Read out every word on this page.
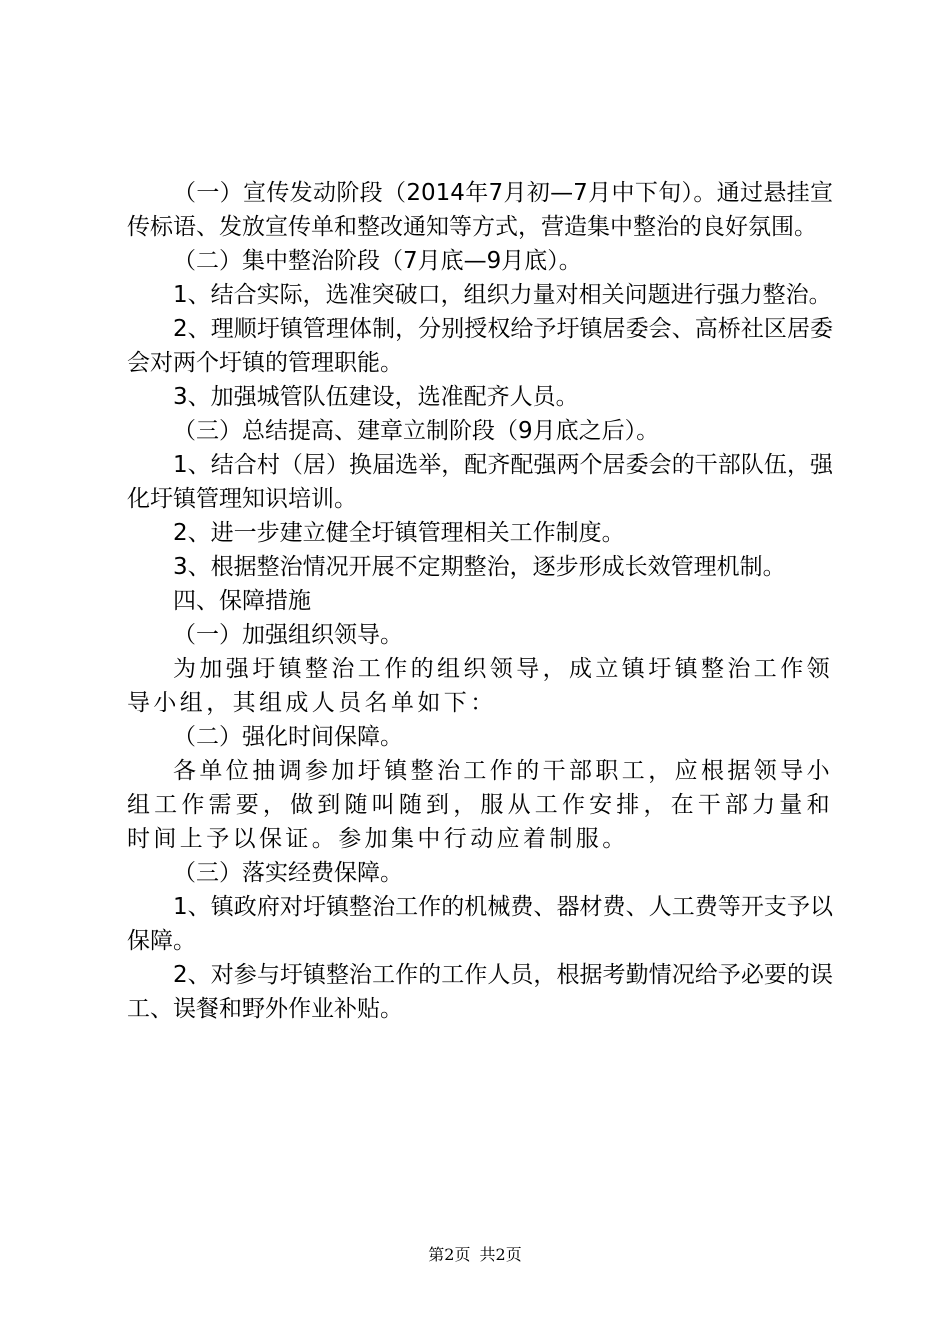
（一）宣传发动阶段（2014年7月初—7月中下旬）。通过悬挂宣传标语、发放宣传单和整改通知等方式，营造集中整治的良好氛围。

（二）集中整治阶段（7月底—9月底）。

1、结合实际，选准突破口，组织力量对相关问题进行强力整治。

2、理顺圩镇管理体制，分别授权给予圩镇居委会、高桥社区居委会对两个圩镇的管理职能。

3、加强城管队伍建设，选准配齐人员。

（三）总结提高、建章立制阶段（9月底之后）。

1、结合村（居）换届选举，配齐配强两个居委会的干部队伍，强化圩镇管理知识培训。

2、进一步建立健全圩镇管理相关工作制度。

3、根据整治情况开展不定期整治，逐步形成长效管理机制。

四、保障措施

（一）加强组织领导。

为加强圩镇整治工作的组织领导，成立镇圩镇整治工作领导小组，其组成人员名单如下：

（二）强化时间保障。

各单位抽调参加圩镇整治工作的干部职工，应根据领导小组工作需要，做到随叫随到，服从工作安排，在干部力量和时间上予以保证。参加集中行动应着制服。

（三）落实经费保障。

1、镇政府对圩镇整治工作的机械费、器材费、人工费等开支予以保障。

2、对参与圩镇整治工作的工作人员，根据考勤情况给予必要的误工、误餐和野外作业补贴。

第2页 共2页
